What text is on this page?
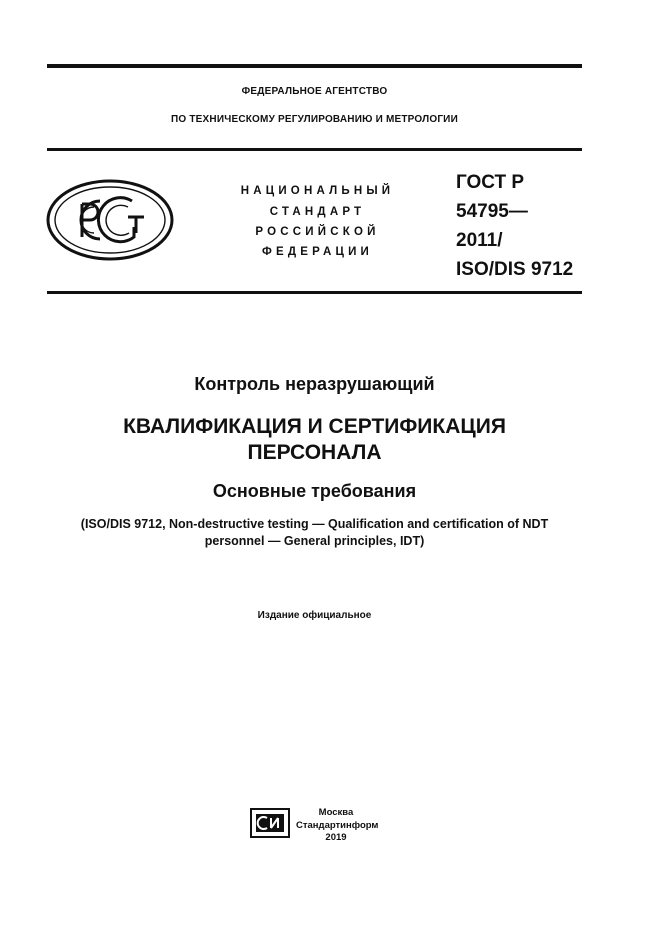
ФЕДЕРАЛЬНОЕ АГЕНТСТВО
ПО ТЕХНИЧЕСКОМУ РЕГУЛИРОВАНИЮ И МЕТРОЛОГИИ
НАЦИОНАЛЬНЫЙ
СТАНДАРТ
РОССИЙСКОЙ
ФЕДЕРАЦИИ
ГОСТ Р
54795—
2011/
ISO/DIS 9712
Контроль неразрушающий
КВАЛИФИКАЦИЯ И СЕРТИФИКАЦИЯ
ПЕРСОНАЛА
Основные требования
(ISO/DIS 9712, Non-destructive testing — Qualification and certification of NDT
personnel — General principles, IDT)
Издание официальное
Москва
Стандартинформ
2019
